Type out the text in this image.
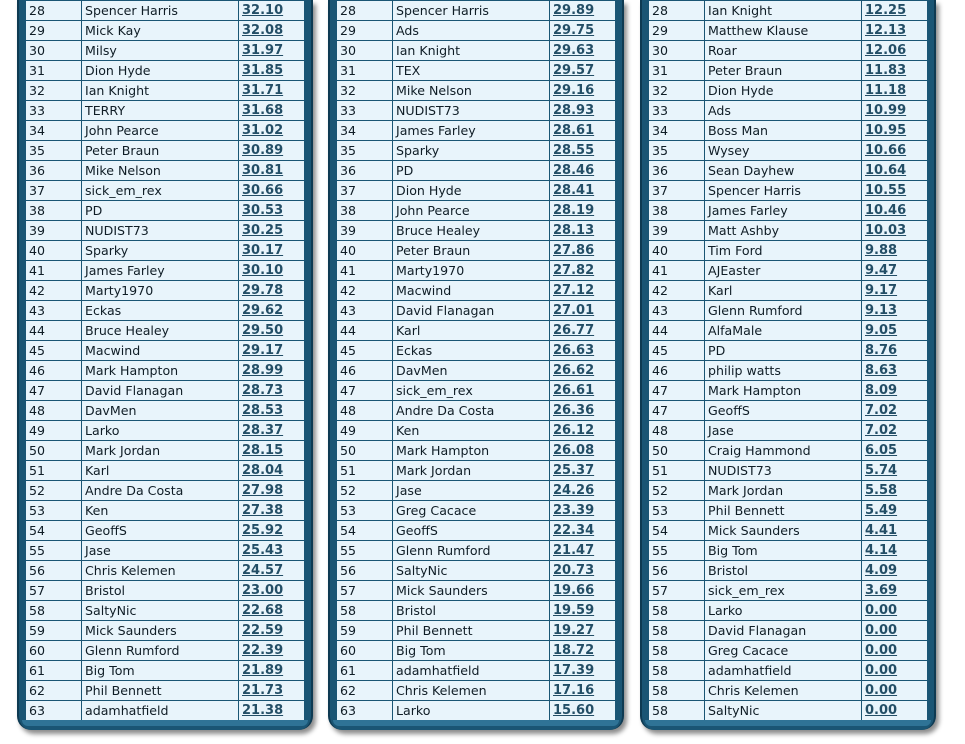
28	Spencer Harris	32.10
29	Mick Kay	32.08
30	Milsy	31.97
31	Dion Hyde	31.85
32	Ian Knight	31.71
33	TERRY	31.68
34	John Pearce	31.02
35	Peter Braun	30.89
36	Mike Nelson	30.81
37	sick_em_rex	30.66
38	PD	30.53
39	NUDIST73	30.25
40	Sparky	30.17
41	James Farley	30.10
42	Marty1970	29.78
43	Eckas	29.62
44	Bruce Healey	29.50
45	Macwind	29.17
46	Mark Hampton	28.99
47	David Flanagan	28.73
48	DavMen	28.53
49	Larko	28.37
50	Mark Jordan	28.15
51	Karl	28.04
52	Andre Da Costa	27.98
53	Ken	27.38
54	GeoffS	25.92
55	Jase	25.43
56	Chris Kelemen	24.57
57	Bristol	23.00
58	SaltyNic	22.68
59	Mick Saunders	22.59
60	Glenn Rumford	22.39
61	Big Tom	21.89
62	Phil Bennett	21.73
63	adamhatfield	21.38
28	Spencer Harris	29.89
29	Ads	29.75
30	Ian Knight	29.63
31	TEX	29.57
32	Mike Nelson	29.16
33	NUDIST73	28.93
34	James Farley	28.61
35	Sparky	28.55
36	PD	28.46
37	Dion Hyde	28.41
38	John Pearce	28.19
39	Bruce Healey	28.13
40	Peter Braun	27.86
41	Marty1970	27.82
42	Macwind	27.12
43	David Flanagan	27.01
44	Karl	26.77
45	Eckas	26.63
46	DavMen	26.62
47	sick_em_rex	26.61
48	Andre Da Costa	26.36
49	Ken	26.12
50	Mark Hampton	26.08
51	Mark Jordan	25.37
52	Jase	24.26
53	Greg Cacace	23.39
54	GeoffS	22.34
55	Glenn Rumford	21.47
56	SaltyNic	20.73
57	Mick Saunders	19.66
58	Bristol	19.59
59	Phil Bennett	19.27
60	Big Tom	18.72
61	adamhatfield	17.39
62	Chris Kelemen	17.16
63	Larko	15.60
28	Ian Knight	12.25
29	Matthew Klause	12.13
30	Roar	12.06
31	Peter Braun	11.83
32	Dion Hyde	11.18
33	Ads	10.99
34	Boss Man	10.95
35	Wysey	10.66
36	Sean Dayhew	10.64
37	Spencer Harris	10.55
38	James Farley	10.46
39	Matt Ashby	10.03
40	Tim Ford	9.88
41	AJEaster	9.47
42	Karl	9.17
43	Glenn Rumford	9.13
44	AlfaMale	9.05
45	PD	8.76
46	philip watts	8.63
47	Mark Hampton	8.09
47	GeoffS	7.02
48	Jase	7.02
50	Craig Hammond	6.05
51	NUDIST73	5.74
52	Mark Jordan	5.58
53	Phil Bennett	5.49
54	Mick Saunders	4.41
55	Big Tom	4.14
56	Bristol	4.09
57	sick_em_rex	3.69
58	Larko	0.00
58	David Flanagan	0.00
58	Greg Cacace	0.00
58	adamhatfield	0.00
58	Chris Kelemen	0.00
58	SaltyNic	0.00
